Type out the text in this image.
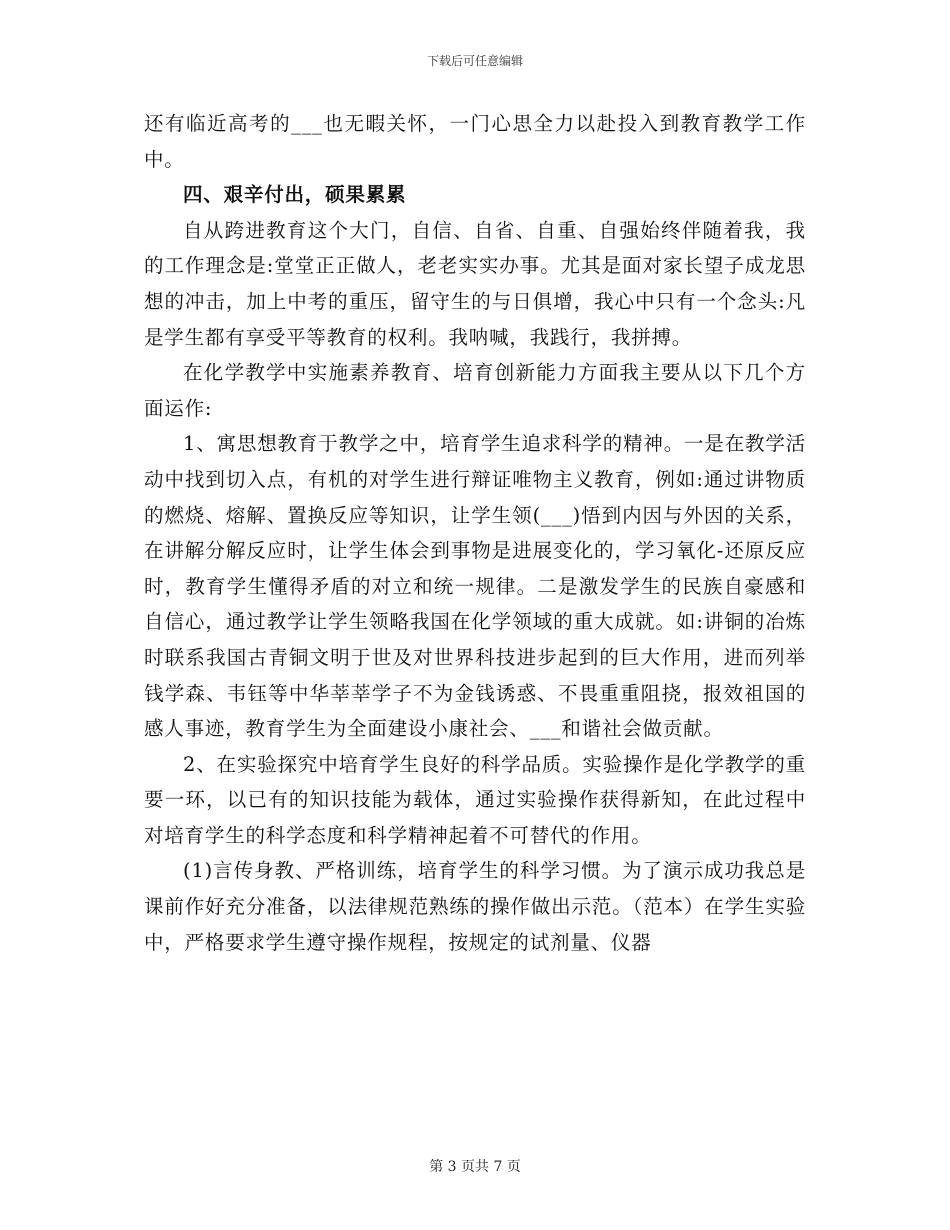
下载后可任意编辑

还有临近高考的___也无暇关怀，一门心思全力以赴投入到教育教学工作中。

四、艰辛付出，硕果累累

自从跨进教育这个大门，自信、自省、自重、自强始终伴随着我，我的工作理念是:堂堂正正做人，老老实实办事。尤其是面对家长望子成龙思想的冲击，加上中考的重压，留守生的与日俱增，我心中只有一个念头:凡是学生都有享受平等教育的权利。我呐喊，我践行，我拼搏。

在化学教学中实施素养教育、培育创新能力方面我主要从以下几个方面运作:

1、寓思想教育于教学之中，培育学生追求科学的精神。一是在教学活动中找到切入点，有机的对学生进行辩证唯物主义教育，例如:通过讲物质的燃烧、熔解、置换反应等知识，让学生领(___)悟到内因与外因的关系，在讲解分解反应时，让学生体会到事物是进展变化的，学习氧化-还原反应时，教育学生懂得矛盾的对立和统一规律。二是激发学生的民族自豪感和自信心，通过教学让学生领略我国在化学领域的重大成就。如:讲铜的冶炼时联系我国古青铜文明于世及对世界科技进步起到的巨大作用，进而列举钱学森、韦钰等中华莘莘学子不为金钱诱惑、不畏重重阻挠，报效祖国的感人事迹，教育学生为全面建设小康社会、___和谐社会做贡献。

2、在实验探究中培育学生良好的科学品质。实验操作是化学教学的重要一环，以已有的知识技能为载体，通过实验操作获得新知，在此过程中对培育学生的科学态度和科学精神起着不可替代的作用。

(1)言传身教、严格训练，培育学生的科学习惯。为了演示成功我总是课前作好充分准备，以法律规范熟练的操作做出示范。（范本）在学生实验中，严格要求学生遵守操作规程，按规定的试剂量、仪器

第 3 页共 7 页
